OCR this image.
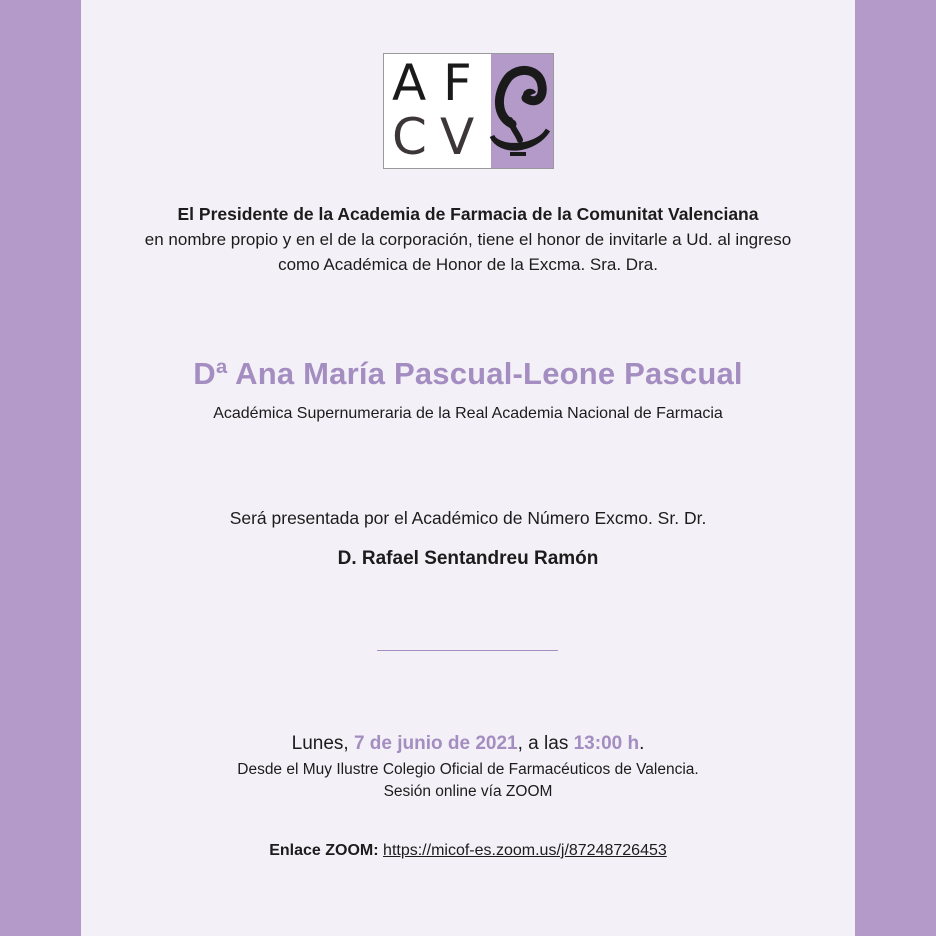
A F
C V
El Presidente de la Academia de Farmacia de la Comunitat Valenciana
en nombre propio y en el de la corporación, tiene el honor de invitarle a Ud. al ingreso
como Académica de Honor de la Excma. Sra. Dra.
Dª Ana María Pascual-Leone Pascual
Académica Supernumeraria de la Real Academia Nacional de Farmacia
Será presentada por el Académico de Número Excmo. Sr. Dr.
D. Rafael Sentandreu Ramón
Lunes, 7 de junio de 2021, a las 13:00 h.
Desde el Muy Ilustre Colegio Oficial de Farmacéuticos de Valencia.
Sesión online vía ZOOM
Enlace ZOOM: https://micof-es.zoom.us/j/87248726453
